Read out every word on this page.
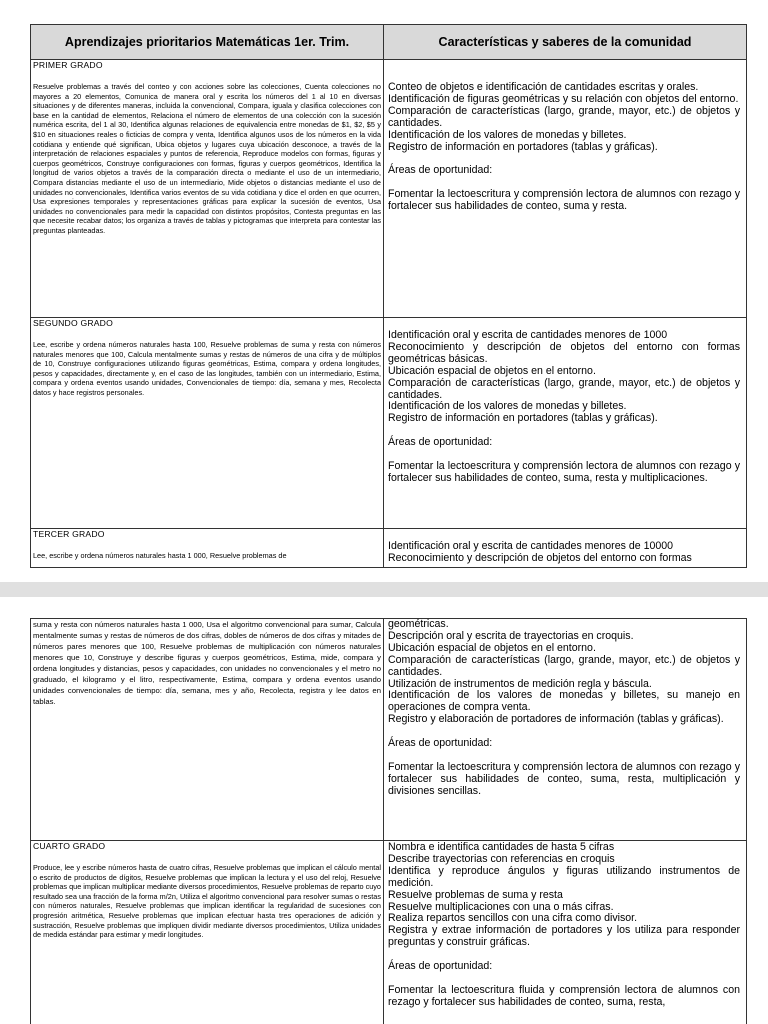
Aprendizajes prioritarios Matemáticas 1er. Trim.	Características y saberes de la comunidad
PRIMER GRADO
Resuelve problemas a través del conteo y con acciones sobre las colecciones, Cuenta colecciones no mayores a 20 elementos, Comunica de manera oral y escrita los números del 1 al 10 en diversas situaciones y de diferentes maneras, incluida la convencional, Compara, iguala y clasifica colecciones con base en la cantidad de elementos, Relaciona el número de elementos de una colección con la sucesión numérica escrita, del 1 al 30, Identifica algunas relaciones de equivalencia entre monedas de $1, $2, $5 y $10 en situaciones reales o ficticias de compra y venta, Identifica algunos usos de los números en la vida cotidiana y entiende qué significan, Ubica objetos y lugares cuya ubicación desconoce, a través de la interpretación de relaciones espaciales y puntos de referencia, Reproduce modelos con formas, figuras y cuerpos geométricos, Construye configuraciones con formas, figuras y cuerpos geométricos, Identifica la longitud de varios objetos a través de la comparación directa o mediante el uso de un intermediario, Compara distancias mediante el uso de un intermediario, Mide objetos o distancias mediante el uso de unidades no convencionales, Identifica varios eventos de su vida cotidiana y dice el orden en que ocurren, Usa expresiones temporales y representaciones gráficas para explicar la sucesión de eventos, Usa unidades no convencionales para medir la capacidad con distintos propósitos, Contesta preguntas en las que necesite recabar datos; los organiza a través de tablas y pictogramas que interpreta para contestar las preguntas planteadas.

Conteo de objetos e identificación de cantidades escritas y orales.

Identificación de figuras geométricas y su relación con objetos del entorno.

Comparación de características (largo, grande, mayor, etc.) de objetos y cantidades.

Identificación de los valores de monedas y billetes.

Registro de información en portadores (tablas y gráficas).

Áreas de oportunidad:

Fomentar la lectoescritura y comprensión lectora de alumnos con rezago y fortalecer sus habilidades de conteo, suma y resta.

SEGUNDO GRADO
Lee, escribe y ordena números naturales hasta 100, Resuelve problemas de suma y resta con números naturales menores que 100, Calcula mentalmente sumas y restas de números de una cifra y de múltiplos de 10, Construye configuraciones utilizando figuras geométricas, Estima, compara y ordena longitudes, pesos y capacidades, directamente y, en el caso de las longitudes, también con un intermediario, Estima, compara y ordena eventos usando unidades, Convencionales de tiempo: día, semana y mes, Recolecta datos y hace registros personales.

Identificación oral y escrita de cantidades menores de 1000

Reconocimiento y descripción de objetos del entorno con formas geométricas básicas.

Ubicación espacial de objetos en el entorno.

Comparación de características (largo, grande, mayor, etc.) de objetos y cantidades.

Identificación de los valores de monedas y billetes.

Registro de información en portadores (tablas y gráficas).

Áreas de oportunidad:

Fomentar la lectoescritura y comprensión lectora de alumnos con rezago y fortalecer sus habilidades de conteo, suma, resta y multiplicaciones.

TERCER GRADO
Lee, escribe y ordena números naturales hasta 1 000, Resuelve problemas de

Identificación oral y escrita de cantidades menores de 10000

Reconocimiento y descripción de objetos del entorno con formas

suma y resta con números naturales hasta 1 000, Usa el algoritmo convencional para sumar, Calcula mentalmente sumas y restas de números de dos cifras, dobles de números de dos cifras y mitades de números pares menores que 100, Resuelve problemas de multiplicación con números naturales menores que 10, Construye y describe figuras y cuerpos geométricos, Estima, mide, compara y ordena longitudes y distancias, pesos y capacidades, con unidades no convencionales y el metro no graduado, el kilogramo y el litro, respectivamente, Estima, compara y ordena eventos usando unidades convencionales de tiempo: día, semana, mes y año, Recolecta, registra y lee datos en tablas.

geométricas.

Descripción oral y escrita de trayectorias en croquis.

Ubicación espacial de objetos en el entorno.

Comparación de características (largo, grande, mayor, etc.) de objetos y cantidades.

Utilización de instrumentos de medición regla y báscula.

Identificación de los valores de monedas y billetes, su manejo en operaciones de compra venta.

Registro y elaboración de portadores de información (tablas y gráficas).

Áreas de oportunidad:

Fomentar la lectoescritura y comprensión lectora de alumnos con rezago y fortalecer sus habilidades de conteo, suma, resta, multiplicación y divisiones sencillas.

CUARTO GRADO
Produce, lee y escribe números hasta de cuatro cifras, Resuelve problemas que implican el cálculo mental o escrito de productos de dígitos, Resuelve problemas que implican la lectura y el uso del reloj, Resuelve problemas que implican multiplicar mediante diversos procedimientos, Resuelve problemas de reparto cuyo resultado sea una fracción de la forma m/2n, Utiliza el algoritmo convencional para resolver sumas o restas con números naturales, Resuelve problemas que implican identificar la regularidad de sucesiones con progresión aritmética, Resuelve problemas que implican efectuar hasta tres operaciones de adición y sustracción, Resuelve problemas que impliquen dividir mediante diversos procedimientos, Utiliza unidades de medida estándar para estimar y medir longitudes.

Nombra e identifica cantidades de hasta 5 cifras

Describe trayectorias con referencias en croquis

Identifica y reproduce ángulos y figuras utilizando instrumentos de medición.

Resuelve problemas de suma y resta

Resuelve multiplicaciones con una o más cifras.

Realiza repartos sencillos con una cifra como divisor.

Registra y extrae información de portadores y los utiliza para responder preguntas y construir gráficas.

Áreas de oportunidad:

Fomentar la lectoescritura fluida y comprensión lectora de alumnos con rezago y fortalecer sus habilidades de conteo, suma, resta,
